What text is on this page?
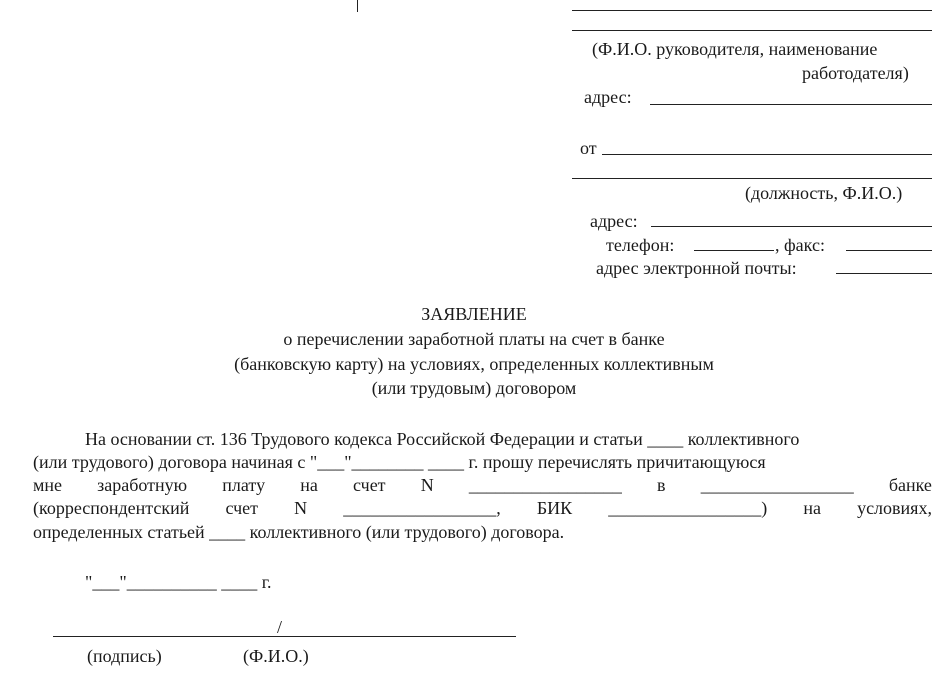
(Ф.И.О. руководителя, наименование
работодателя)
адрес:
от
(должность, Ф.И.О.)
адрес:
телефон:	, факс:
адрес электронной почты:
ЗАЯВЛЕНИЕ
о перечислении заработной платы на счет в банке
(банковскую карту) на условиях, определенных коллективным
(или трудовым) договором
На основании ст. 136 Трудового кодекса Российской Федерации и статьи ____ коллективного
(или трудового) договора начиная с "___"________ ____ г. прошу перечислять причитающуюся
мне заработную плату на счет N _________________ в _________________ банке
(корреспондентский счет N _________________, БИК _________________) на условиях,
определенных статьей ____ коллективного (или трудового) договора.
"___"__________ ____ г.
/
(подпись)	(Ф.И.О.)
